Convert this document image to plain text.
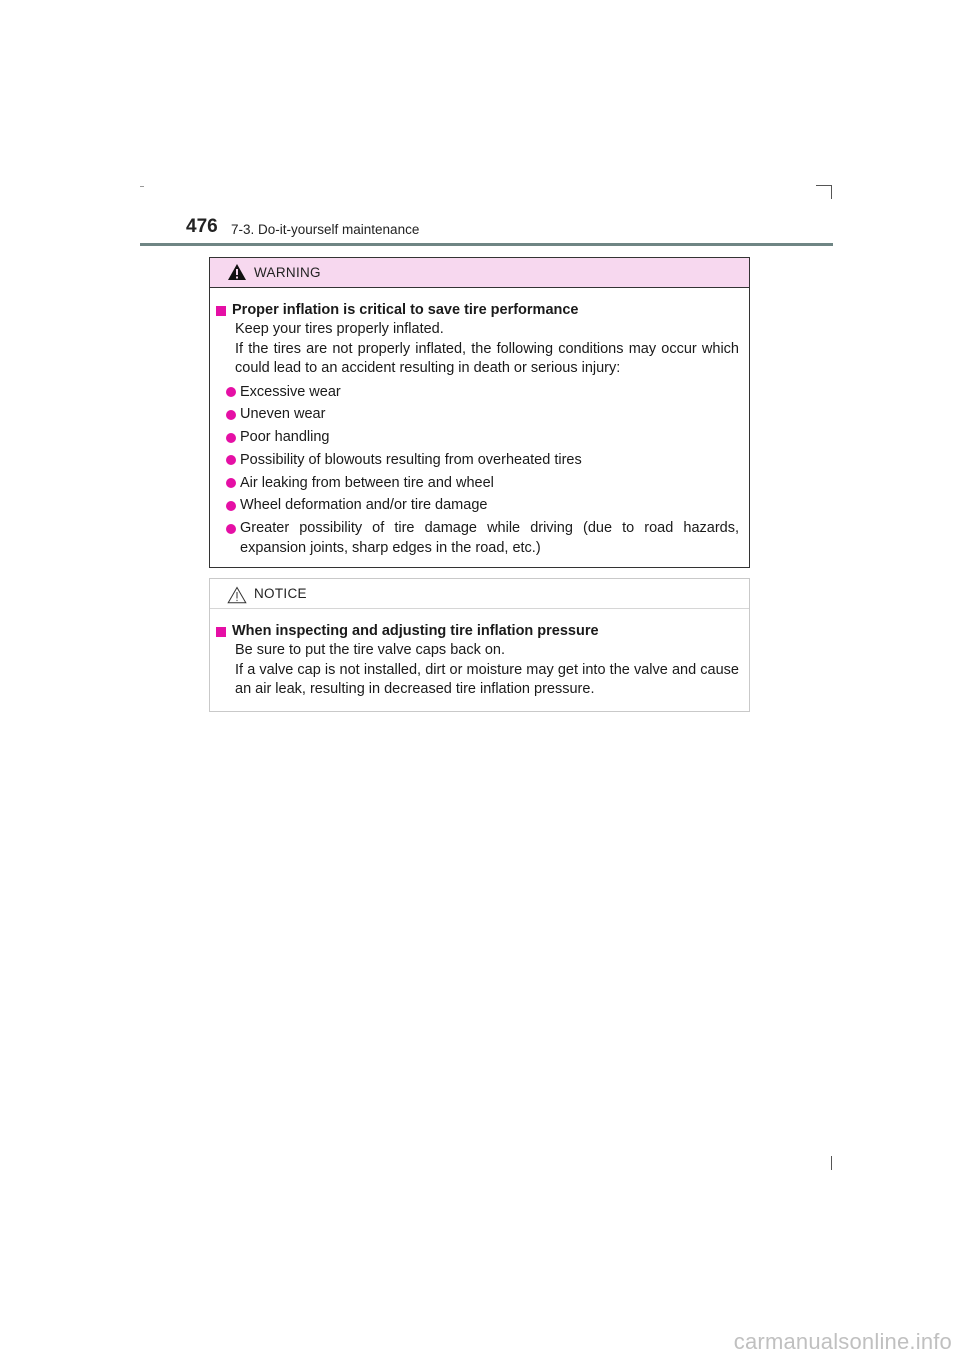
476 7-3. Do-it-yourself maintenance
WARNING
Proper inflation is critical to save tire performance
Keep your tires properly inflated.
If the tires are not properly inflated, the following conditions may occur which could lead to an accident resulting in death or serious injury:
Excessive wear
Uneven wear
Poor handling
Possibility of blowouts resulting from overheated tires
Air leaking from between tire and wheel
Wheel deformation and/or tire damage
Greater possibility of tire damage while driving (due to road hazards, expansion joints, sharp edges in the road, etc.)
NOTICE
When inspecting and adjusting tire inflation pressure
Be sure to put the tire valve caps back on.
If a valve cap is not installed, dirt or moisture may get into the valve and cause an air leak, resulting in decreased tire inflation pressure.
carmanualsonline.info
